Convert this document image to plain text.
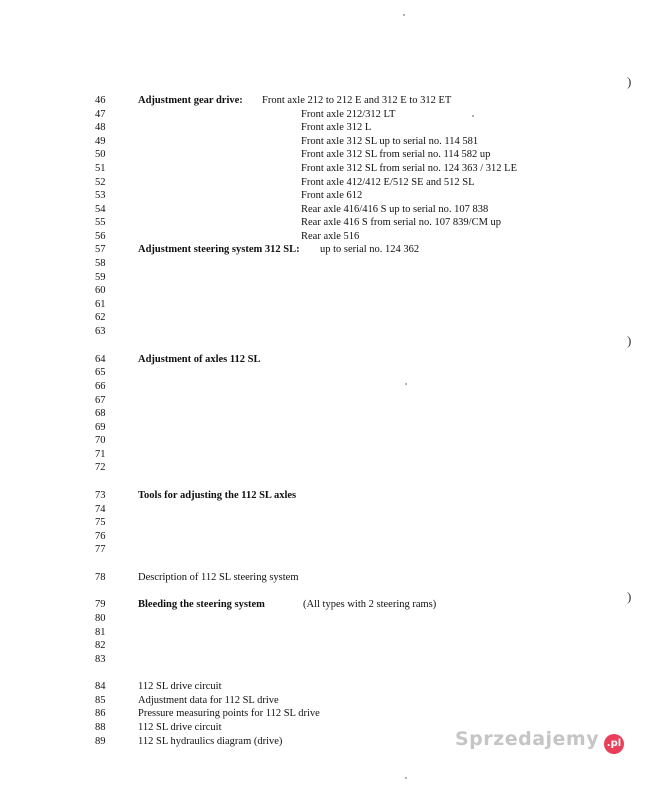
46	Adjustment gear drive: Front axle 212 to 212 E and 312 E to 312 ET
47	Front axle 212/312 LT
48	Front axle 312 L
49	Front axle 312 SL up to serial no. 114 581
50	Front axle 312 SL from serial no. 114 582 up
51	Front axle 312 SL from serial no. 124 363 / 312 LE
52	Front axle 412/412 E/512 SE and 512 SL
53	Front axle 612
54	Rear axle 416/416 S up to serial no. 107 838
55	Rear axle 416 S from serial no. 107 839/CM up
56	Rear axle 516
57	Adjustment steering system 312 SL: up to serial no. 124 362
58
59
60
61
62
63
64	Adjustment of axles 112 SL
65
66
67
68
69
70
71
72
73	Tools for adjusting the 112 SL axles
74
75
76
77
78	Description of 112 SL steering system
79	Bleeding the steering system	(All types with 2 steering rams)
80
81
82
83
84	112 SL drive circuit
85	Adjustment data for 112 SL drive
86	Pressure measuring points for 112 SL drive
88	112 SL drive circuit
89	112 SL hydraulics diagram (drive)
)
)
)
Sprzedajemy .pl
